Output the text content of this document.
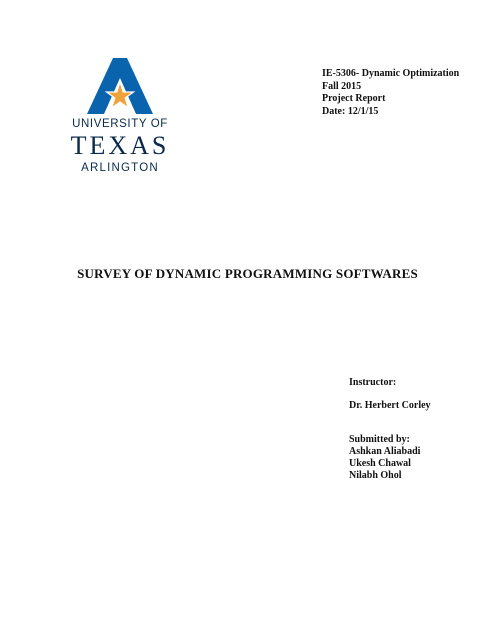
UNIVERSITY OF
TEXAS
ARLINGTON
IE-5306- Dynamic Optimization
Fall 2015
Project Report
Date: 12/1/15
SURVEY OF DYNAMIC PROGRAMMING SOFTWARES
Instructor:
Dr. Herbert Corley
Submitted by:
Ashkan Aliabadi
Ukesh Chawal
Nilabh Ohol
